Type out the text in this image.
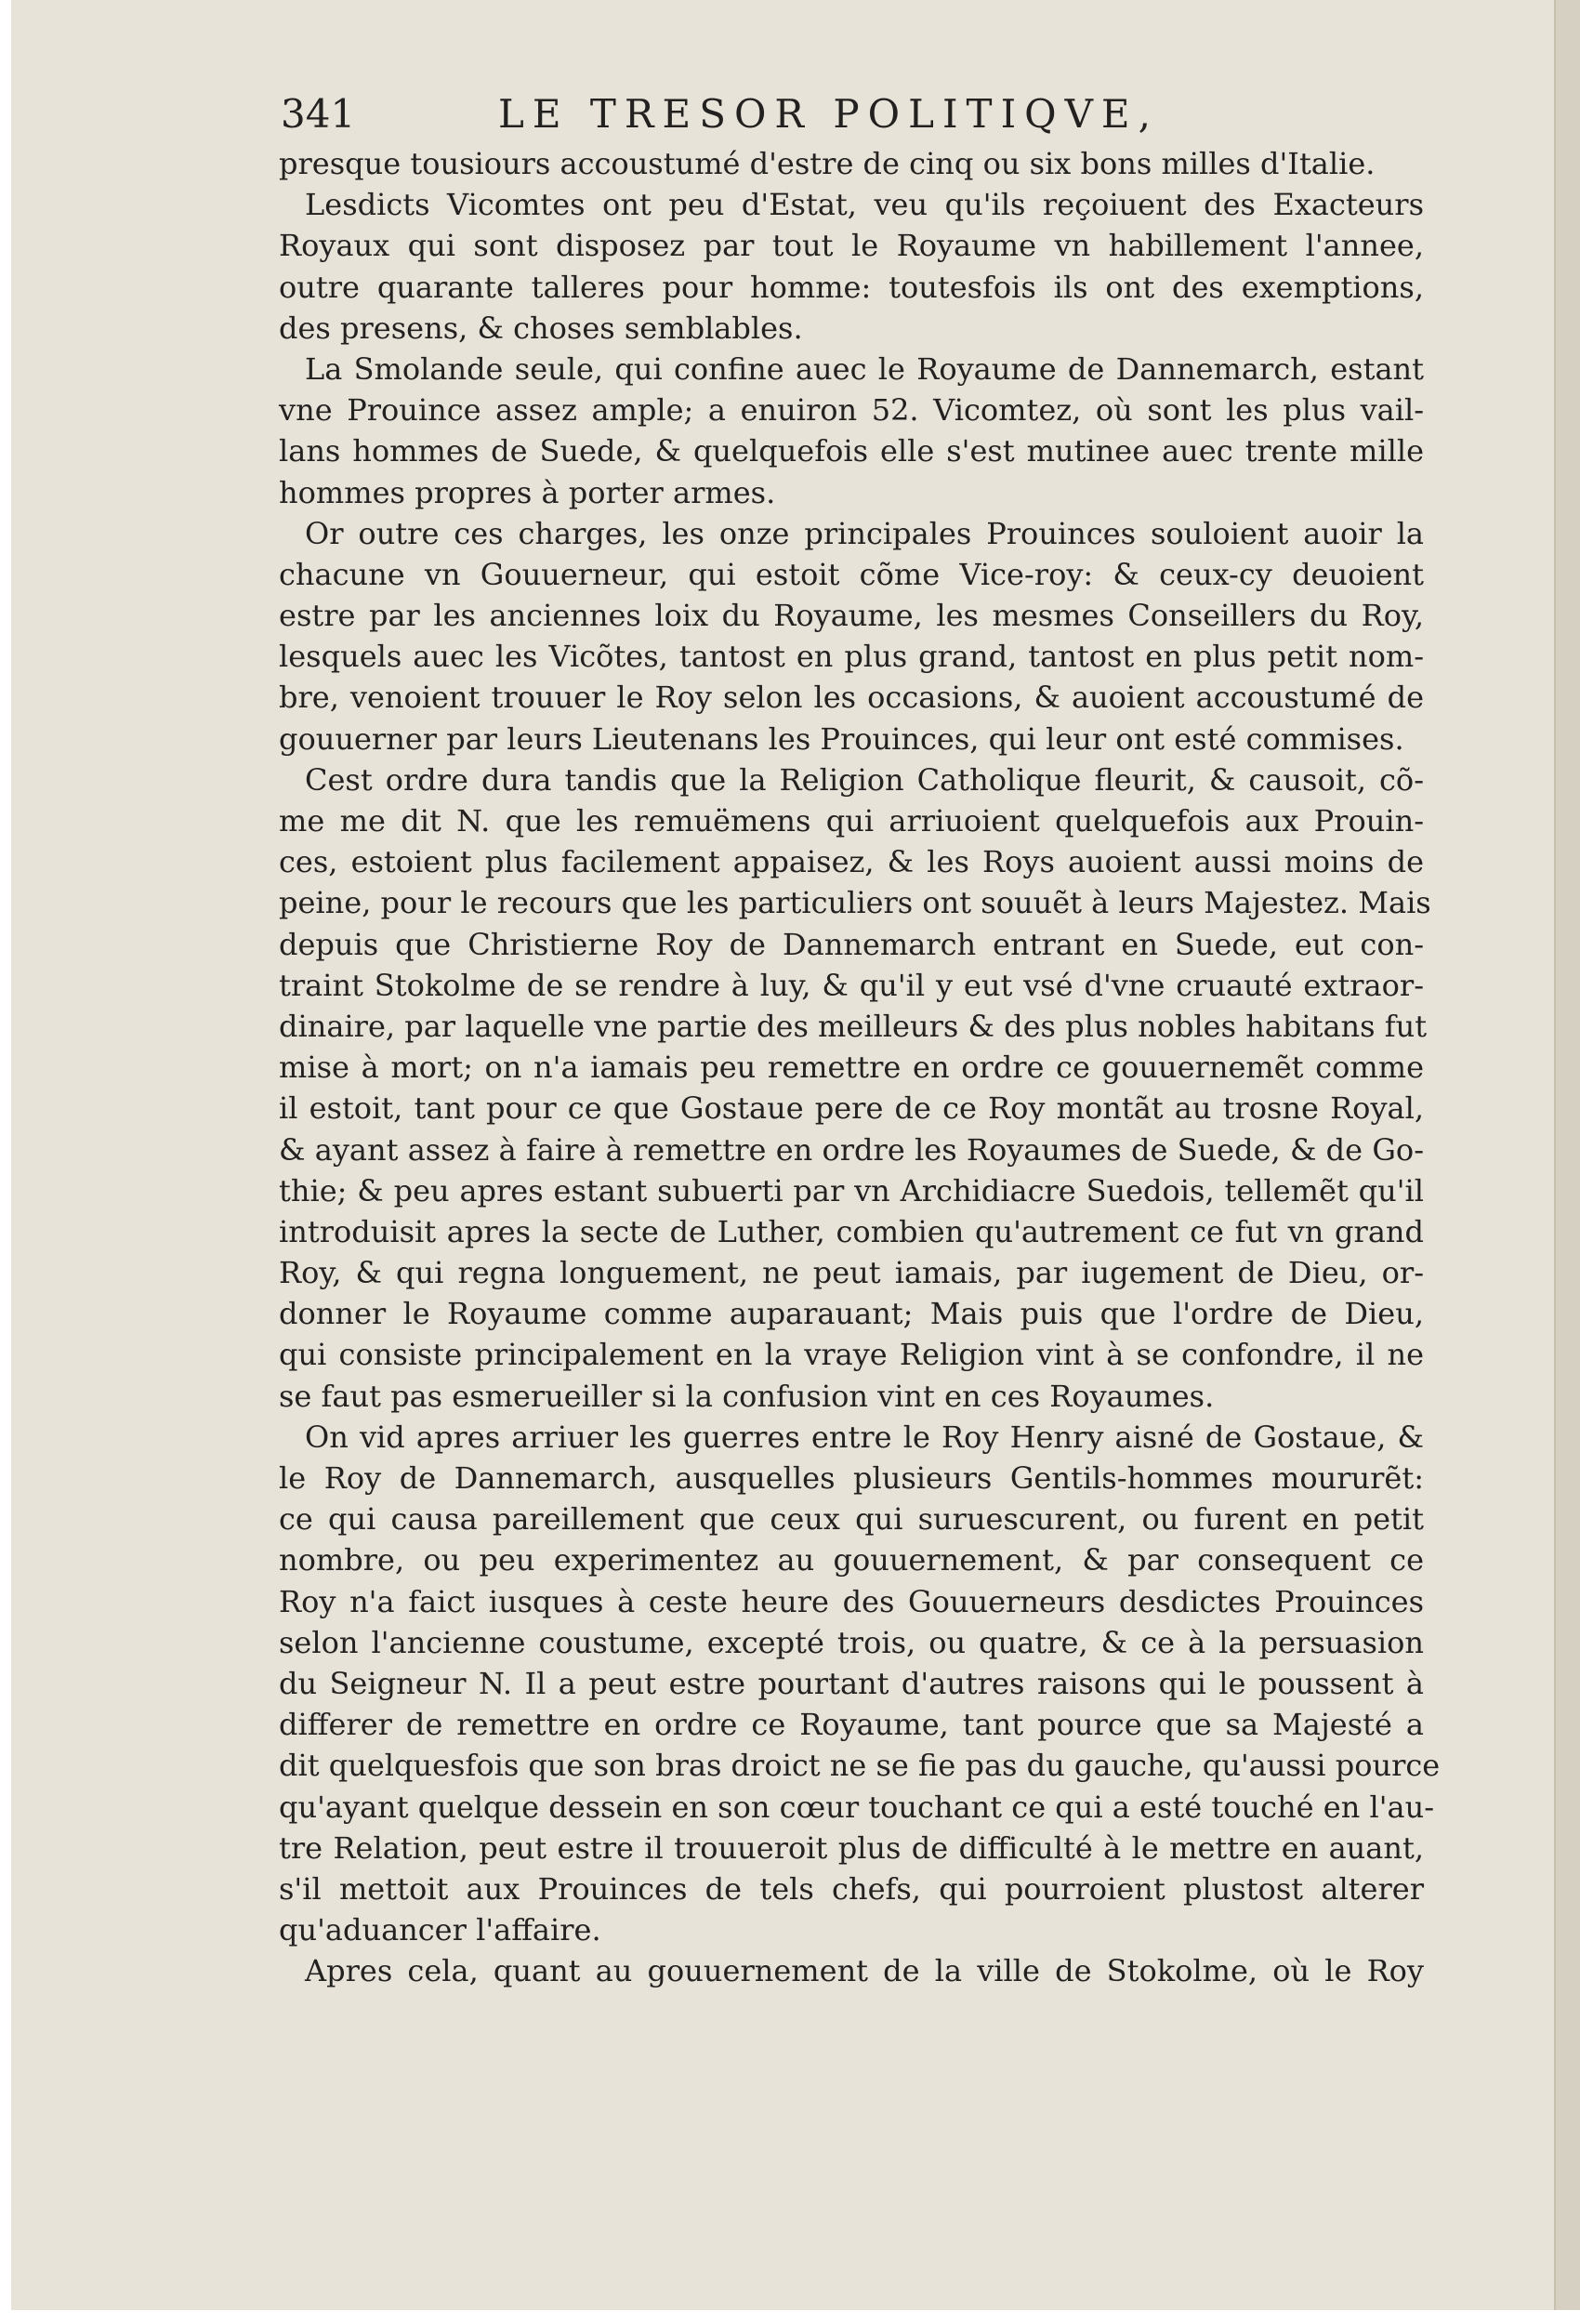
341	LE TRESOR POLITIQVE,
presque tousiours accoustumé d'estre de cinq ou six bons milles d'Italie.
Lesdicts Vicomtes ont peu d'Estat, veu qu'ils reçoiuent des Exacteurs
Royaux qui sont disposez par tout le Royaume vn habillement l'annee,
outre quarante talleres pour homme: toutesfois ils ont des exemptions,
des presens, & choses semblables.
La Smolande seule, qui confine auec le Royaume de Dannemarch, estant
vne Prouince assez ample; a enuiron 52. Vicomtez, où sont les plus vail-
lans hommes de Suede, & quelquefois elle s'est mutinee auec trente mille
hommes propres à porter armes.
Or outre ces charges, les onze principales Prouinces souloient auoir la
chacune vn Gouuerneur, qui estoit cõme Vice-roy: & ceux-cy deuoient
estre par les anciennes loix du Royaume, les mesmes Conseillers du Roy,
lesquels auec les Vicõtes, tantost en plus grand, tantost en plus petit nom-
bre, venoient trouuer le Roy selon les occasions, & auoient accoustumé de
gouuerner par leurs Lieutenans les Prouinces, qui leur ont esté commises.
Cest ordre dura tandis que la Religion Catholique fleurit, & causoit, cõ-
me me dit N. que les remuëmens qui arriuoient quelquefois aux Prouin-
ces, estoient plus facilement appaisez, & les Roys auoient aussi moins de
peine, pour le recours que les particuliers ont souuẽt à leurs Majestez. Mais
depuis que Christierne Roy de Dannemarch entrant en Suede, eut con-
traint Stokolme de se rendre à luy, & qu'il y eut vsé d'vne cruauté extraor-
dinaire, par laquelle vne partie des meilleurs & des plus nobles habitans fut
mise à mort; on n'a iamais peu remettre en ordre ce gouuernemẽt comme
il estoit, tant pour ce que Gostaue pere de ce Roy montãt au trosne Royal,
& ayant assez à faire à remettre en ordre les Royaumes de Suede, & de Go-
thie; & peu apres estant subuerti par vn Archidiacre Suedois, tellemẽt qu'il
introduisit apres la secte de Luther, combien qu'autrement ce fut vn grand
Roy, & qui regna longuement, ne peut iamais, par iugement de Dieu, or-
donner le Royaume comme auparauant; Mais puis que l'ordre de Dieu,
qui consiste principalement en la vraye Religion vint à se confondre, il ne
se faut pas esmerueiller si la confusion vint en ces Royaumes.
On vid apres arriuer les guerres entre le Roy Henry aisné de Gostaue, &
le Roy de Dannemarch, ausquelles plusieurs Gentils-hommes moururẽt:
ce qui causa pareillement que ceux qui suruescurent, ou furent en petit
nombre, ou peu experimentez au gouuernement, & par consequent ce
Roy n'a faict iusques à ceste heure des Gouuerneurs desdictes Prouinces
selon l'ancienne coustume, excepté trois, ou quatre, & ce à la persuasion
du Seigneur N. Il a peut estre pourtant d'autres raisons qui le poussent à
differer de remettre en ordre ce Royaume, tant pource que sa Majesté a
dit quelquesfois que son bras droict ne se fie pas du gauche, qu'aussi pource
qu'ayant quelque dessein en son cœur touchant ce qui a esté touché en l'au-
tre Relation, peut estre il trouueroit plus de difficulté à le mettre en auant,
s'il mettoit aux Prouinces de tels chefs, qui pourroient plustost alterer
qu'aduancer l'affaire.
Apres cela, quant au gouuernement de la ville de Stokolme, où le Roy
